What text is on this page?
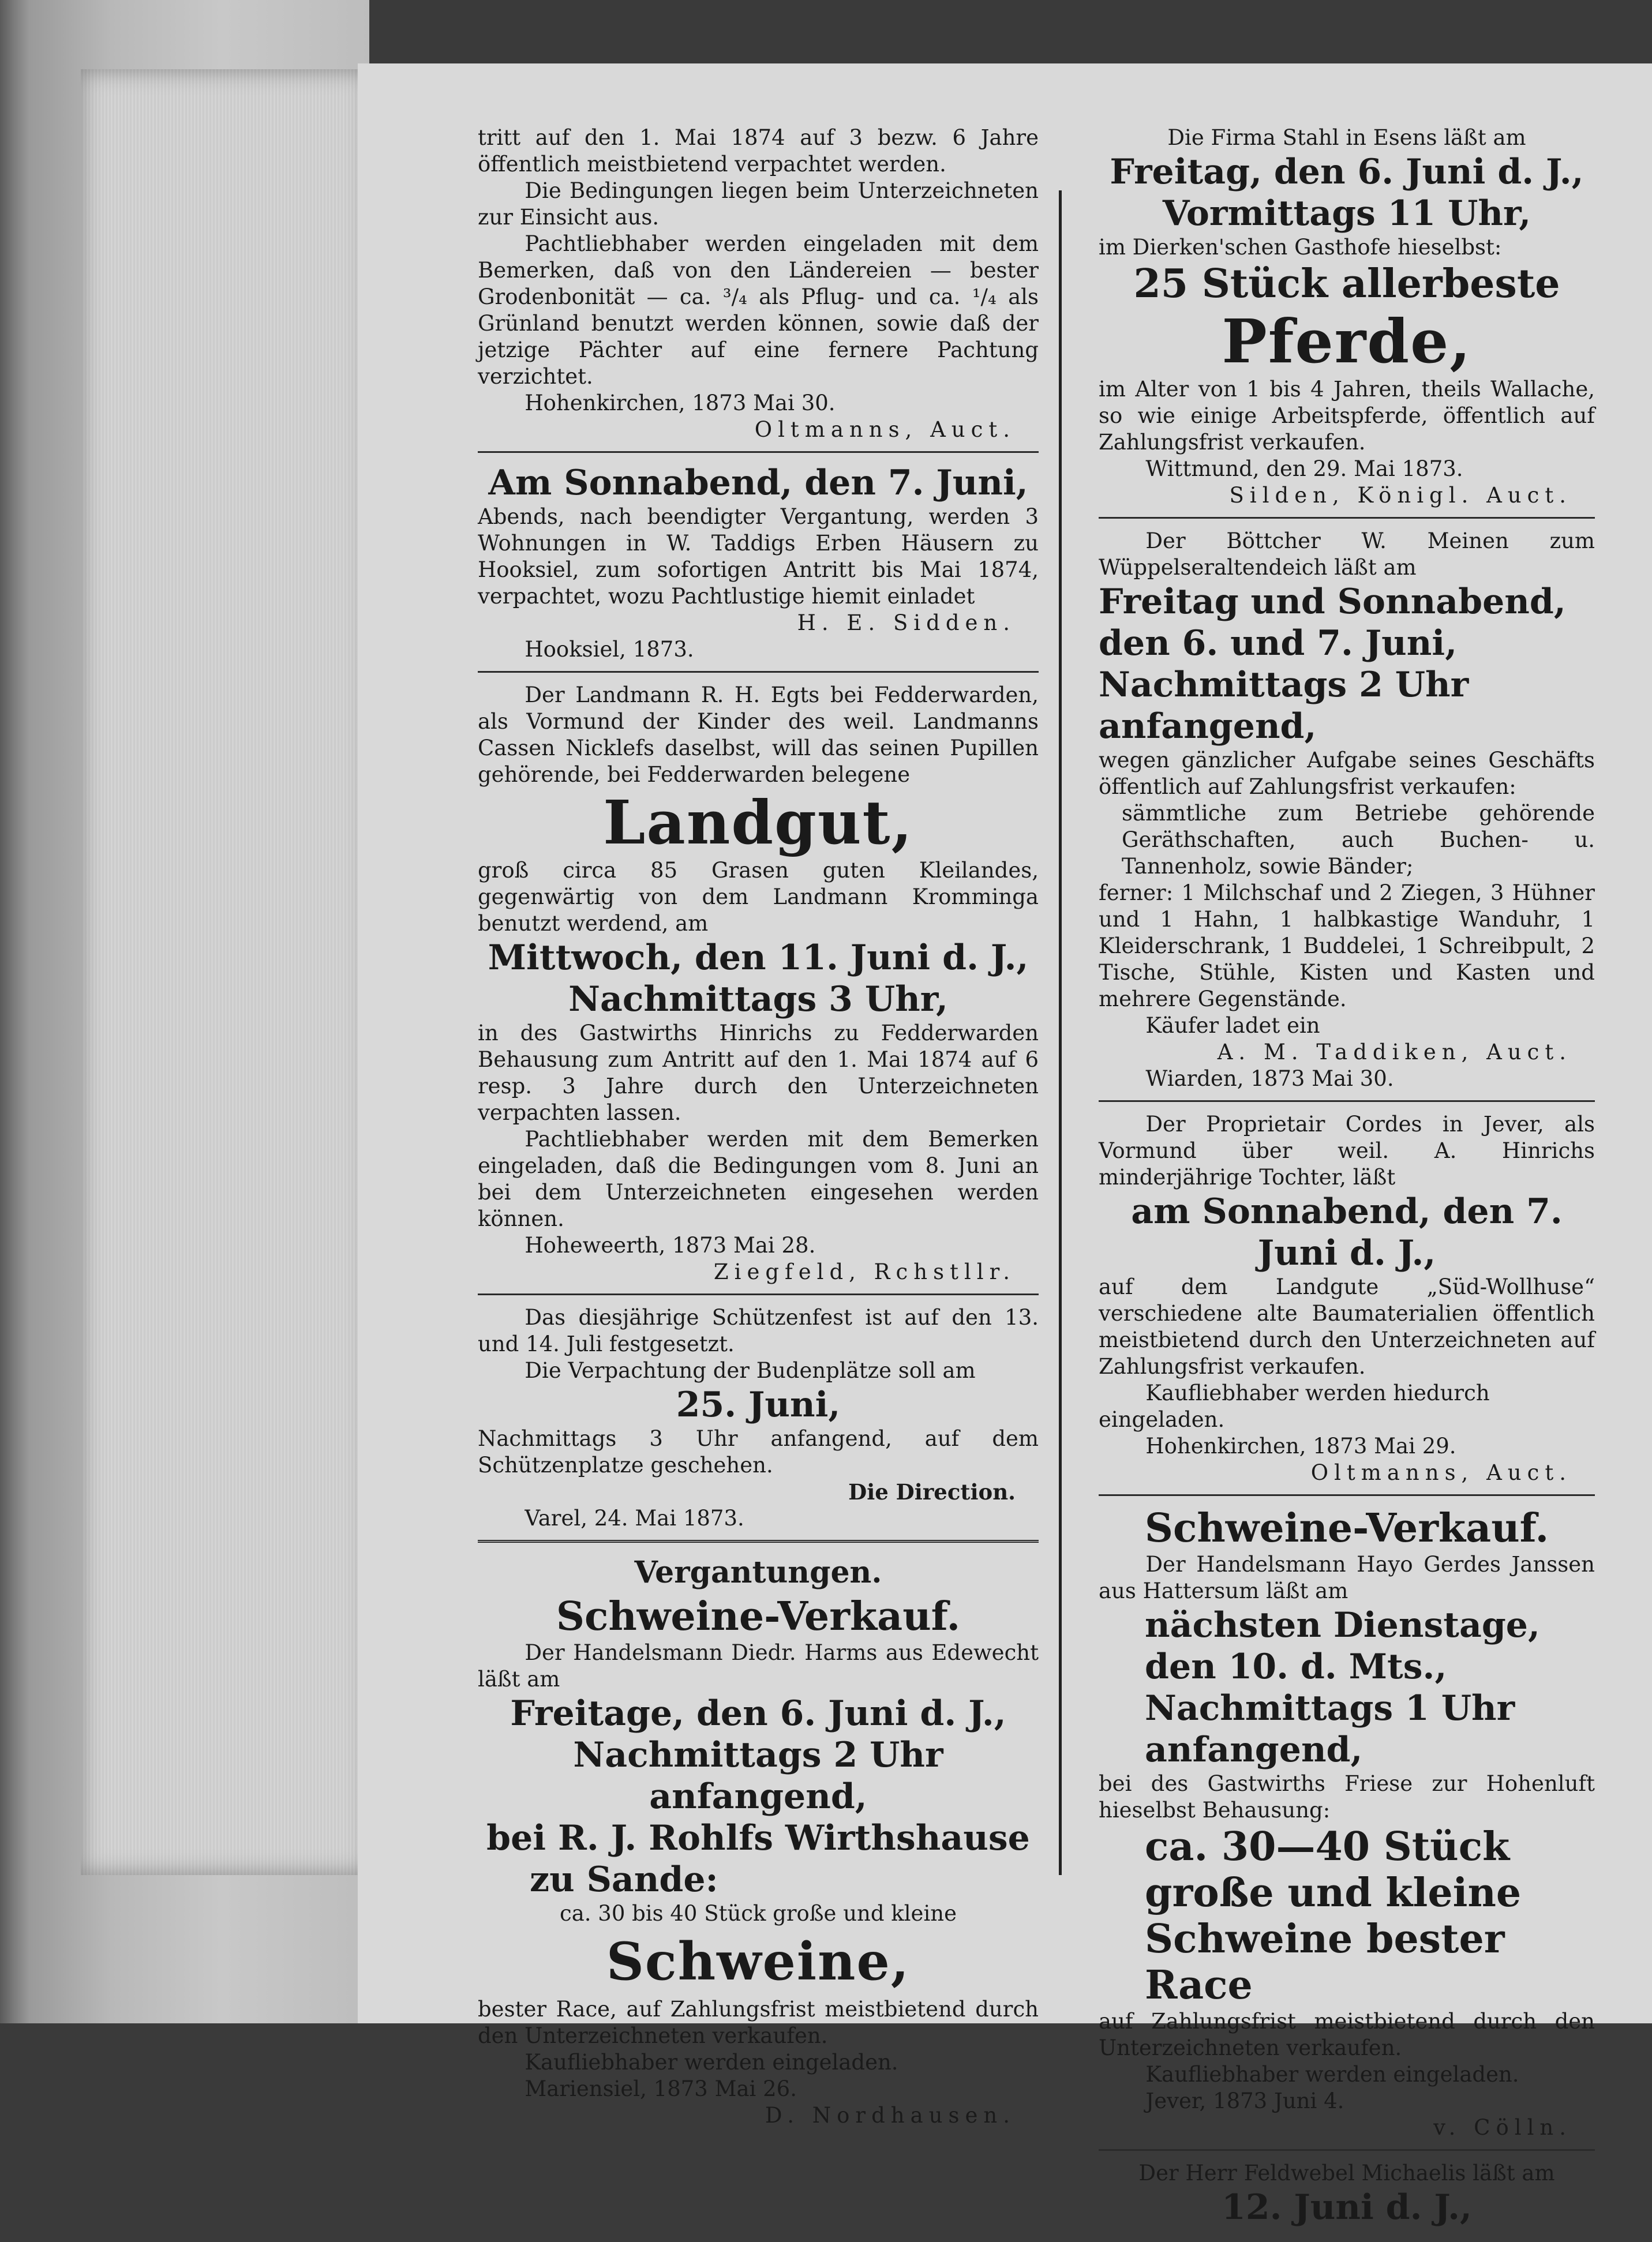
tritt auf den 1. Mai 1874 auf 3 bezw. 6 Jahre öffentlich meistbietend verpachtet werden.

Die Bedingungen liegen beim Unterzeichneten zur Einsicht aus.

Pachtliebhaber werden eingeladen mit dem Bemerken, daß von den Ländereien — bester Grodenbonität — ca. ³/₄ als Pflug- und ca. ¹/₄ als Grünland benutzt werden können, sowie daß der jetzige Pächter auf eine fernere Pachtung verzichtet.

Hohenkirchen, 1873 Mai 30.

Oltmanns, Auct.

Am Sonnabend, den 7. Juni,

Abends, nach beendigter Vergantung, werden 3 Wohnungen in W. Taddigs Erben Häusern zu Hooksiel, zum sofortigen Antritt bis Mai 1874, verpachtet, wozu Pachtlustige hiemit einladet

H. E. Sidden.

Hooksiel, 1873.

Der Landmann R. H. Egts bei Fedderwarden, als Vormund der Kinder des weil. Landmanns Cassen Nicklefs daselbst, will das seinen Pupillen gehörende, bei Fedderwarden belegene

Landgut,

groß circa 85 Grasen guten Kleilandes, gegenwärtig von dem Landmann Kromminga benutzt werdend, am

Mittwoch, den 11. Juni d. J.,

Nachmittags 3 Uhr,

in des Gastwirths Hinrichs zu Fedderwarden Behausung zum Antritt auf den 1. Mai 1874 auf 6 resp. 3 Jahre durch den Unterzeichneten verpachten lassen.

Pachtliebhaber werden mit dem Bemerken eingeladen, daß die Bedingungen vom 8. Juni an bei dem Unterzeichneten eingesehen werden können.

Hoheweerth, 1873 Mai 28.

Ziegfeld, Rchstllr.

Das diesjährige Schützenfest ist auf den 13. und 14. Juli festgesetzt.

Die Verpachtung der Budenplätze soll am

25. Juni,

Nachmittags 3 Uhr anfangend, auf dem Schützenplatze geschehen.

Die Direction.

Varel, 24. Mai 1873.

Vergantungen.

Schweine-Verkauf.

Der Handelsmann Diedr. Harms aus Edewecht läßt am

Freitage, den 6. Juni d. J.,

Nachmittags 2 Uhr anfangend,

bei R. J. Rohlfs Wirthshause

zu Sande:

ca. 30 bis 40 Stück große und kleine

Schweine,

bester Race, auf Zahlungsfrist meistbietend durch den Unterzeichneten verkaufen.

Kaufliebhaber werden eingeladen.

Mariensiel, 1873 Mai 26.

D. Nordhausen.

Die Firma Stahl in Esens läßt am

Freitag, den 6. Juni d. J.,

Vormittags 11 Uhr,

im Dierken'schen Gasthofe hieselbst:

25 Stück allerbeste

Pferde,

im Alter von 1 bis 4 Jahren, theils Wallache, so wie einige Arbeitspferde, öffentlich auf Zahlungsfrist verkaufen.

Wittmund, den 29. Mai 1873.

Silden, Königl. Auct.

Der Böttcher W. Meinen zum Wüppelseraltendeich läßt am

Freitag und Sonnabend, den 6. und 7. Juni, Nachmittags 2 Uhr anfangend,

wegen gänzlicher Aufgabe seines Geschäfts öffentlich auf Zahlungsfrist verkaufen:

sämmtliche zum Betriebe gehörende Geräthschaften, auch Buchen- u. Tannenholz, sowie Bänder;

ferner: 1 Milchschaf und 2 Ziegen, 3 Hühner und 1 Hahn, 1 halbkastige Wanduhr, 1 Kleiderschrank, 1 Buddelei, 1 Schreibpult, 2 Tische, Stühle, Kisten und Kasten und mehrere Gegenstände.

Käufer ladet ein

A. M. Taddiken, Auct.

Wiarden, 1873 Mai 30.

Der Proprietair Cordes in Jever, als Vormund über weil. A. Hinrichs minderjährige Tochter, läßt

am Sonnabend, den 7. Juni d. J.,

auf dem Landgute „Süd-Wollhuse“ verschiedene alte Baumaterialien öffentlich meistbietend durch den Unterzeichneten auf Zahlungsfrist verkaufen.

Kaufliebhaber werden hiedurch eingeladen.

Hohenkirchen, 1873 Mai 29.

Oltmanns, Auct.

Schweine-Verkauf.

Der Handelsmann Hayo Gerdes Janssen aus Hattersum läßt am

nächsten Dienstage, den 10. d. Mts., Nachmittags 1 Uhr anfangend,

bei des Gastwirths Friese zur Hohenluft hieselbst Behausung:

ca. 30—40 Stück große und kleine Schweine bester Race

auf Zahlungsfrist meistbietend durch den Unterzeichneten verkaufen.

Kaufliebhaber werden eingeladen.

Jever, 1873 Juni 4.

v. Cölln.

Der Herr Feldwebel Michaelis läßt am

12. Juni d. J.,
